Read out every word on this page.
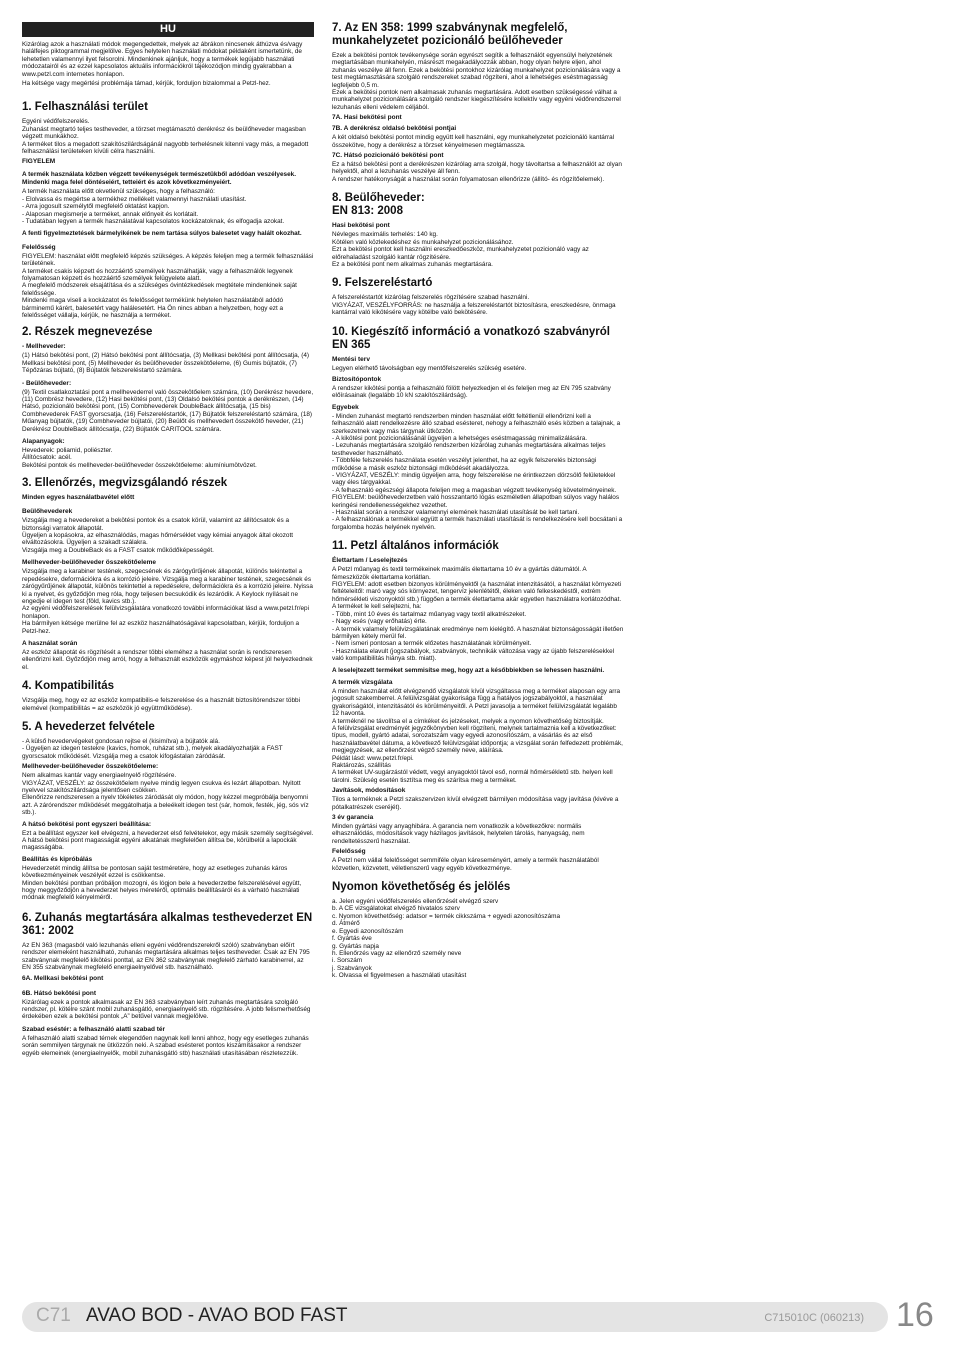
HU
Kizárólag azok a használati módok megengedettek, melyek az ábrákon nincsenek áthúzva és/vagy halálfejes piktogrammal megjelölve. Egyes helytelen használati módokat példaként ismertetünk, de lehetetlen valamennyi ilyet felsorolni. Mindenkinek ajánljuk, hogy a termékek legújabb használati módozatairól és az ezzel kapcsolatos aktuális információkról tájékozódjon mindig gyakrabban a www.petzl.com internetes honlapon.
Ha kétsége vagy megértési problémája támad, kérjük, forduljon bizalommal a Petzl-hez.
1. Felhasználási terület
Egyéni védőfelszerelés.
Zuhanást megtartó teljes testheveder, a törzset megtámasztó derékrész és beülőheveder magasban végzett munkákhoz.
A terméket tilos a megadott szakítószilárdságánál nagyobb terhelésnek kitenni vagy más, a megadott felhasználási területeken kívüli célra használni.
FIGYELEM
A termék használata közben végzett tevékenységek természetükből adódóan veszélyesek.
Mindenki maga felel döntéseiért, tetteiért és azok következményeiért.
A termék használata előtt okvetlenül szükséges, hogy a felhasználó:
- Elolvassa és megértse a termékhez mellékelt valamennyi használati utasítást.
- Arra jogosult személytől megfelelő oktatást kapjon.
- Alaposan megismerje a terméket, annak előnyeit és korlátait.
- Tudatában legyen a termék használatával kapcsolatos kockázatoknak, és elfogadja azokat.
A fenti figyelmeztetések bármelyikének be nem tartása súlyos balesetet vagy halált okozhat.
Felelősség
FIGYELEM: használat előtt megfelelő képzés szükséges. A képzés feleljen meg a termék felhasználási területének.
A terméket csakis képzett és hozzáértő személyek használhatják, vagy a felhasználók legyenek folyamatosan képzett és hozzáértő személyek felügyelete alatt.
A megfelelő módszerek elsajátítása és a szükséges óvintézkedések megtétele mindenkinek saját felelőssége.
Mindenki maga viseli a kockázatot és felelősséget termékünk helytelen használatából adódó bárminemű kárért, balesetért vagy halálesetért. Ha Ön nincs abban a helyzetben, hogy ezt a felelősséget vállalja, kérjük, ne használja a terméket.
2. Részek megnevezése
- Mellheveder:
(1) Hátsó bekötési pont, (2) Hátsó bekötési pont állítócsatja, (3) Mellkasi bekötési pont állítócsatja, (4) Mellkasi bekötési pont, (5) Mellheveder és beülőheveder összekötőeleme, (6) Gumis bújtatók, (7) Tépőzáras bújtató, (8) Bújtatók felszereléstartó számára.
- Beülőheveder:
(9) Textil csatlakoztatási pont a mellhevederrel való összekötőelem számára, (10) Derékrész hevedere, (11) Combrész hevedere, (12) Hasi bekötési pont, (13) Oldalsó bekötési pontok a derékrészen, (14) Hátsó, pozicionáló bekötési pont, (15) Combhevederek DoubleBack állítócsatja, (15 bis) Combhevederek FAST gyorscsatja, (16) Felszereléstartók, (17) Bújtatók felszereléstartó számára, (18) Műanyag bújtatók, (19) Combheveder bújtatói, (20) Beülőt és mellhevedert összekötő heveder, (21) Derékrész DoubleBack állítócsatja, (22) Bújtatók CARITOOL számára.
Alapanyagok:
Hevederek: poliamid, poliészter.
Állítócsatok: acél.
Bekötési pontok és mellheveder-beülőheveder összekötőeleme: alumíniumötvözet.
3. Ellenőrzés, megvizsgálandó részek
Minden egyes használatbavétel előtt
Beülőhevederek
Vizsgálja meg a hevedereket a bekötési pontok és a csatok körül, valamint az állítócsatok és a biztonsági varratok állapotát.
Ügyeljen a kopásokra, az elhasználódás, magas hőmérséklet vagy kémiai anyagok által okozott elváltozásokra. Ügyeljen a szakadt szálakra.
Vizsgálja meg a DoubleBack és a FAST csatok működőképességét.
Mellheveder-beülőheveder összekötőeleme
Vizsgálja meg a karabiner testének, szegecsének és zárógyűrűjének állapotát, különös tekintettel a repedésekre, deformációkra és a korrózió jeleire. Vizsgálja meg a karabiner testének, szegecsének és zárógyűrűjének állapotát, különös tekintettel a repedésekre, deformációkra és a korrózió jeleire. Nyissa ki a nyelvet, és győződjön meg róla, hogy teljesen becsukódik és lezáródik. A Keylock nyílásait ne engedje el idegen test (föld, kavics stb.).
Az egyéni védőfelszerelések felülvizsgálatára vonatkozó további információkat lásd a www.petzl.fr/epi honlapon.
Ha bármilyen kétsége merülne fel az eszköz használhatóságával kapcsolatban, kérjük, forduljon a Petzl-hez.
A használat során
Az eszköz állapotát és rögzítését a rendszer többi eleméhez a használat során is rendszeresen ellenőrizni kell. Győződjön meg arról, hogy a felhasznált eszközök egymáshoz képest jól helyezkednek el.
4. Kompatibilitás
Vizsgálja meg, hogy ez az eszköz kompatibilis-e felszerelése és a használt biztosítórendszer többi elemével (kompatibilitás = az eszközök jó együttműködése).
5. A hevederzet felvétele
- A külső hevedervégeket gondosan rejtse el (kisimítva) a bújtatók alá.
- Ügyeljen az idegen testekre (kavics, homok, ruházat stb.), melyek akadályozhatják a FAST gyorscsatok működését. Vizsgálja meg a csatok kifogástalan záródását.
Mellheveder-beülőheveder összekötőeleme:
Nem alkalmas kantár vagy energiaelnyelő rögzítésére.
VIGYÁZAT, VESZÉLY: az összekötőelem nyelve mindig legyen csukva és lezárt állapotban. Nyitott nyelvvel szakítószilárdsága jelentősen csökken.
Ellenőrizze rendszeresen a nyelv tökéletes záródását oly módon, hogy kézzel megpróbálja benyomni azt. A zárórendszer működését meggátolhatja a beleékelt idegen test (sár, homok, festék, jég, sós víz stb.).
A hátsó bekötési pont egyszeri beállítása:
Ezt a beállítást egyszer kell elvégezni, a hevederzet első felvételekor, egy másik személy segítségével.
A hátsó bekötési pont magasságát egyéni alkatának megfelelően állítsa be, körülbelül a lapockák magasságába.
Beállítás és kipróbálás
Hevederzetét mindig állítsa be pontosan saját testméretére, hogy az esetleges zuhanás káros következményeinek veszélyét ezzel is csökkentse.
Minden bekötési pontban próbáljon mozogni, és lógjon bele a hevederzetbe felszerelésével együtt, hogy meggyőződjön a hevederzet helyes méretéről, optimális beállításáról és a várható használati módnak megfelelő kényelméről.
6. Zuhanás megtartására alkalmas testhevederzet EN 361: 2002
Az EN 363 (magasból való lezuhanás elleni egyéni védőrendszerekről szóló) szabványban előírt rendszer elemeként használható, zuhanás megtartására alkalmas teljes testheveder. Csak az EN 795 szabványnak megfelelő kikötési ponttal, az EN 362 szabványnak megfelelő zárható karabinerrel, az EN 355 szabványnak megfelelő energiaelnyelővel stb. használható.
6A. Mellkasi bekötési pont
6B. Hátsó bekötési pont
Kizárólag ezek a pontok alkalmasak az EN 363 szabványban leírt zuhanás megtartására szolgáló rendszer, pl. kötélre szánt mobil zuhanásgátló, energiaelnyelő stb. rögzítésére. A jobb felismerhetőség érdekében ezek a bekötési pontok „A” betűvel vannak megjelölve.
Szabad eséstér: a felhasználó alatti szabad tér
A felhasználó alatti szabad térnek elegendően nagynak kell lenni ahhoz, hogy egy esetleges zuhanás során semmilyen tárgynak ne ütközzön neki. A szabad esésteret pontos kiszámításakor a rendszer egyéb elemeinek (energiaelnyelők, mobil zuhanásgátló stb) használati utasításában részletezzük.
7. Az EN 358: 1999 szabványnak megfelelő, munkahelyzetet pozicionáló beülőheveder
Ezek a bekötési pontok tevékenysége során egyrészt segítik a felhasználót egyensúlyi helyzetének megtartásában munkahelyén, másrészt megakadályozzák abban, hogy olyan helyre eljen, ahol zuhanás veszélye áll fenn. Ezek a bekötési pontokhoz kizárólag munkahelyzet pozicionálására vagy a test megtámasztására szolgáló rendszereket szabad rögzíteni, ahol a lehetséges eséstmagasság legfeljebb 0,5 m.
Ezek a bekötési pontok nem alkalmasak zuhanás megtartására. Adott esetben szükségessé válhat a munkahelyzet pozicionálására szolgáló rendszer kiegészítésére kollektív vagy egyéni védőrendszerrel lezuhanás elleni védelem céljából.
7A. Hasi bekötési pont
7B. A derékrész oldalsó bekötési pontjai
A két oldalsó bekötési pontot mindig együtt kell használni, egy munkahelyzetet pozicionáló kantárral összekötve, hogy a derékrész a törzset kényelmesen megtámassza.
7C. Hátsó pozicionáló bekötési pont
Ez a hátsó bekötési pont a derékrészen kizárólag arra szolgál, hogy távoltartsa a felhasználót az olyan helyektől, ahol a lezuhanás veszélye áll fenn.
A rendszer hatékonyságát a használat során folyamatosan ellenőrizze (állító- és rögzítőelemek).
8. Beülőheveder:
EN 813: 2008
Hasi bekötési pont
Névleges maximális terhelés: 140 kg.
Kötélen való közlekedéshez és munkahelyzet pozicionálásához.
Ezt a bekötési pontot kell használni ereszkedőeszköz, munkahelyzetet pozicionáló vagy az előrehaladást szolgáló kantár rögzítésére.
Ez a bekötési pont nem alkalmas zuhanás megtartására.
9. Felszereléstartó
A felszereléstartót kizárólag felszerelés rögzítésére szabad használni.
VIGYÁZAT, VESZÉLYFORRÁS: ne használja a felszereléstartót biztosításra, ereszkedésre, önmaga kantárral való kikötésére vagy kötélbe való bekötésére.
10. Kiegészítő információ a vonatkozó szabványról EN 365
Mentési terv
Legyen elérhető távolságban egy mentőfelszerelés szükség esetére.
Biztosítópontok
A rendszer kikötési pontja a felhasználó fölött helyezkedjen el és feleljen meg az EN 795 szabvány előírásainak (legalább 10 kN szakítószilárdság).
Egyebek
- Minden zuhanást megtartó rendszerben minden használat előtt feltétlenül ellenőrizni kell a felhasználó alatt rendelkezésre álló szabad esésteret, nehogy a felhasználó esés közben a talajnak, a szerkezetnek vagy más tárgynak ütközzön.
- A kikötési pont pozicionálásánál ügyeljen a lehetséges eséstmagasság minimalizálására.
- Lezuhanás megtartására szolgáló rendszerben kizárólag zuhanás megtartására alkalmas teljes testheveder használható.
- Többféle felszerelés használata esetén veszélyt jelenthet, ha az egyik felszerelés biztonsági működése a másik eszköz biztonsági működését akadályozza.
- VIGYÁZAT, VESZÉLY: mindig ügyeljen arra, hogy felszerelése ne érintkezzen dörzsölő felületekkel vagy éles tárgyakkal.
- A felhasználó egészségi állapota feleljen meg a magasban végzett tevékenység követelményeinek. FIGYELEM: beülőhevederzetben való hosszantartó lógás eszméletlen állapotban súlyos vagy halálos keringési rendellenességekhez vezethet.
- Használat során a rendszer valamennyi elemének használati utasítását be kell tartani.
- A felhasználónak a termékkel együtt a termék használati utasítását is rendelkezésére kell bocsátani a forgalomba hozás helyének nyelvén.
11. Petzl általános információk
Élettartam / Leselejtezés
A Petzl műanyag és textil termékeinek maximális élettartama 10 év a gyártás dátumától. A fémeszközök élettartama korlátlan.
FIGYELEM: adott esetben bizonyos körülményektől (a használat intenzitásától, a használat környezeti feltételeitől: maró vagy sós környezet, tengervíz jelenlététől, éleken való felkeskedéstől, extrém hőmérsékleti viszonyoktól stb.) függően a termék élettartama akár egyetlen használatra korlátozódhat.
A terméket le kell selejtezni, ha:
- Több, mint 10 éves és tartalmaz műanyag vagy textil alkatrészeket.
- Nagy esés (vagy erőhatás) érte.
- A termék valamely felülvizsgálatának eredménye nem kielégítő. A használat biztonságosságát illetően bármilyen kétely merül fel.
- Nem ismeri pontosan a termék előzetes használatának körülményeit.
- Használata elavult (jogszabályok, szabványok, technikák változása vagy az újabb felszerelésekkel való kompatibilitás hiánya stb. miatt).
A leselejtezett terméket semmisítse meg, hogy azt a későbbiekben se lehessen használni.
A termék vizsgálata
A minden használat előtt elvégzendő vizsgálatok kívül vizsgáltassa meg a terméket alaposan egy arra jogosult szakemberrel. A felülvizsgálat gyakorisága függ a hatályos jogszabályoktól, a használat gyakoriságától, intenzitásától és körülményeitől. A Petzl javasolja a terméket felülvizsgálatát legalább 12 havonta.
A terméknél ne távolítsa el a címkéket és jelzéseket, melyek a nyomon követhetőség biztosítják.
A felülvizsgálat eredményét jegyzőkönyvben kell rögzíteni, melynek tartalmaznia kell a következőket: típus, modell, gyártó adatai, sorozatszám vagy egyedi azonosítószám, a vásárlás és az első használatbavétel dátuma, a következő felülvizsgálat időpontja; a vizsgálat során felfedezett problémák, megjegyzések, az ellenőrzést végző személy neve, aláírása.
Példát lásd: www.petzl.fr/epi.
Raktározás, szállítás
A terméket UV-sugárzástól védett, vegyi anyagoktól távol eső, normál hőmérsékletű stb. helyen kell tárolni. Szükség esetén tisztítsa meg és szárítsa meg a terméket.
Javítások, módosítások
Tilos a terméknek a Petzl szakszervizen kívül elvégzett bármilyen módosítása vagy javítása (kivéve a pótalkatrészek cseréjét).
3 év garancia
Minden gyártási vagy anyaghibára. A garancia nem vonatkozik a következőkre: normális elhasználódás, módosítások vagy házilagos javítások, helytelen tárolás, hanyagság, nem rendeltetésszerű használat.
Felelősség
A Petzl nem vállal felelősséget semmiféle olyan káreseményért, amely a termék használatából közvetlen, közvetett, véletlenszerű vagy egyéb következménye.
Nyomon követhetőség és jelölés
a. Jelen egyéni védőfelszerelés ellenőrzését elvégző szerv
b. A CE vizsgálatokat elvégző hivatalos szerv
c. Nyomon követhetőség: adatsor = termék cikkszáma + egyedi azonosítószáma
d. Átmérő
e. Egyedi azonosítószám
f. Gyártás éve
g. Gyártás napja
h. Ellenőrzés vagy az ellenőrző személy neve
i. Sorszám
j. Szabványok
k. Olvassa el figyelmesen a használati utasítást
C71 AVAO BOD - AVAO BOD FAST	C715010C (060213) 16
